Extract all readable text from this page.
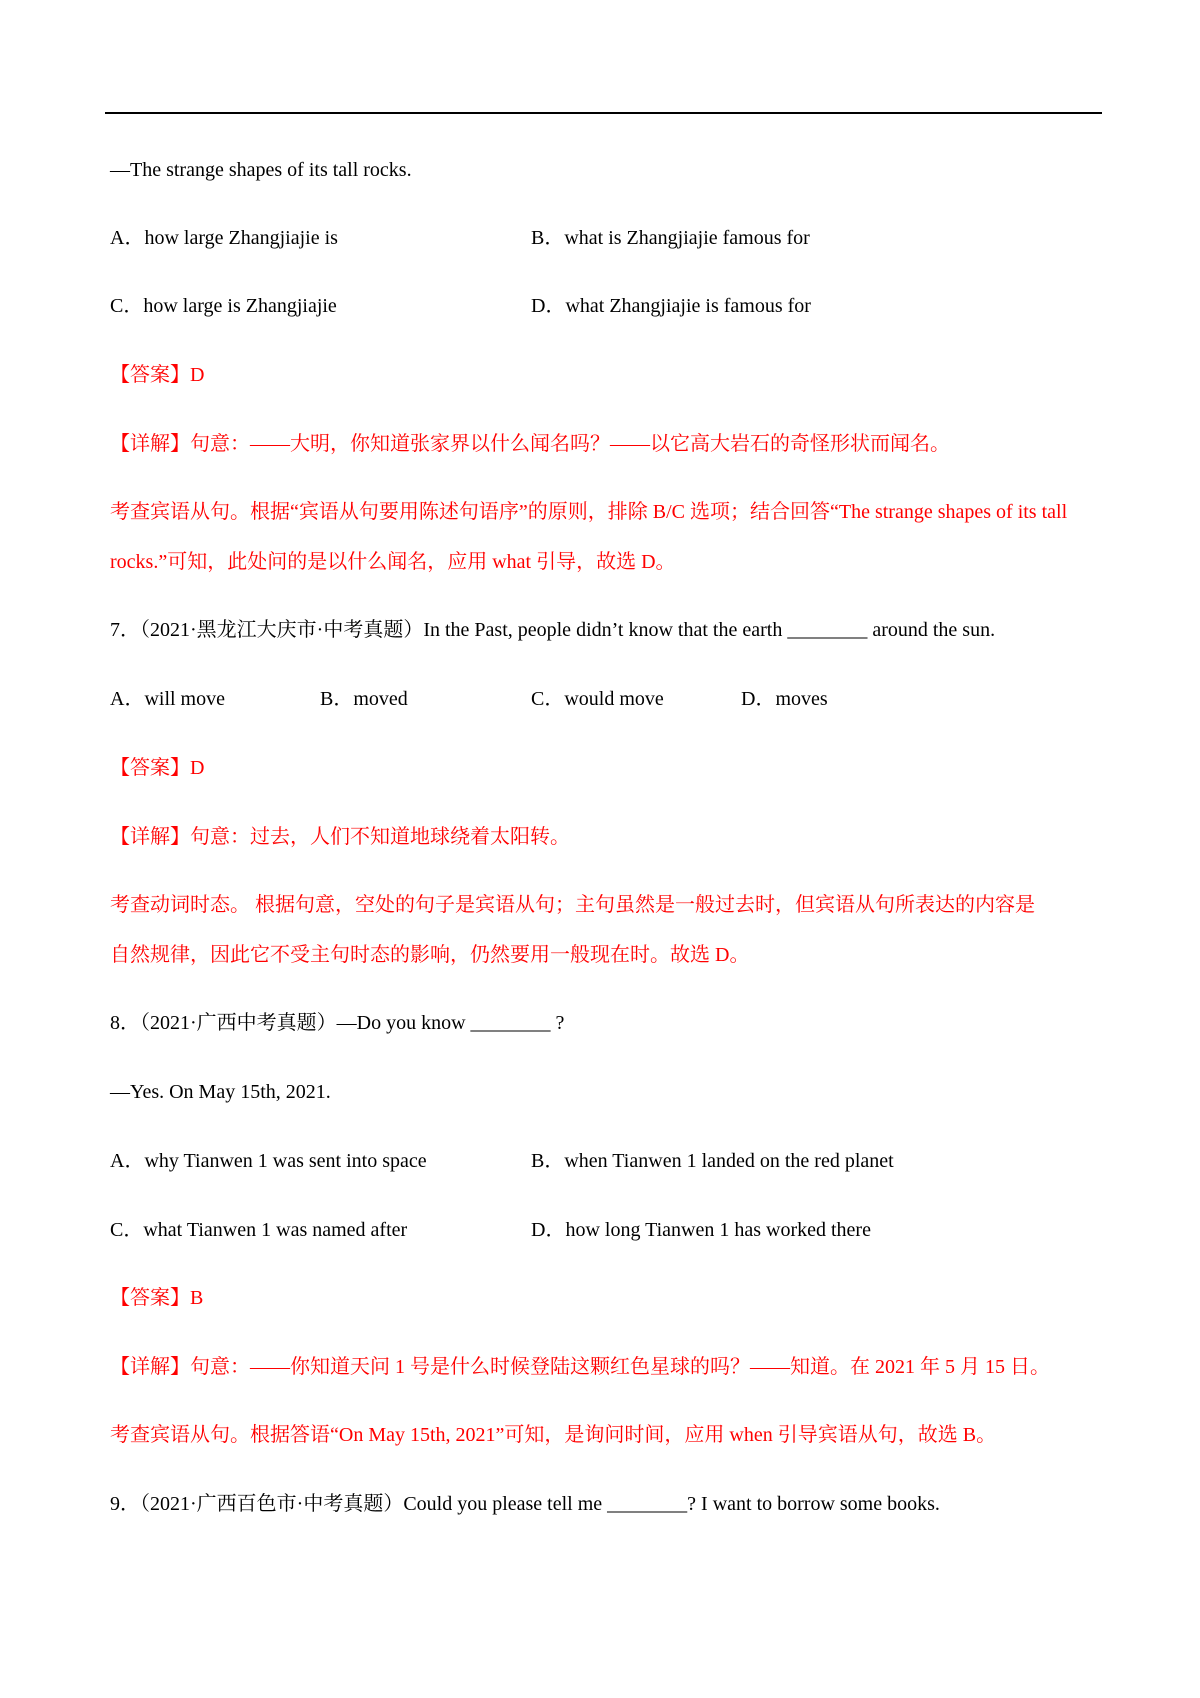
—The strange shapes of its tall rocks.
A．how large Zhangjiajie is	B．what is Zhangjiajie famous for
C．how large is Zhangjiajie	D．what Zhangjiajie is famous for
【答案】D
【详解】句意：——大明，你知道张家界以什么闻名吗？——以它高大岩石的奇怪形状而闻名。
考查宾语从句。根据“宾语从句要用陈述句语序”的原则，排除 B/C 选项；结合回答“The strange shapes of its tall
rocks.”可知，此处问的是以什么闻名，应用 what 引导，故选 D。
7．（2021·黑龙江大庆市·中考真题）In the Past, people didn’t know that the earth ________ around the sun.
A．will move	B．moved	C．would move	D．moves
【答案】D
【详解】句意：过去，人们不知道地球绕着太阳转。
考查动词时态。 根据句意，空处的句子是宾语从句；主句虽然是一般过去时，但宾语从句所表达的内容是
自然规律，因此它不受主句时态的影响，仍然要用一般现在时。故选 D。
8．（2021·广西中考真题）—Do you know ________ ?
—Yes. On May 15th, 2021.
A．why Tianwen 1 was sent into space	B．when Tianwen 1 landed on the red planet
C．what Tianwen 1 was named after	D．how long Tianwen 1 has worked there
【答案】B
【详解】句意：——你知道天问 1 号是什么时候登陆这颗红色星球的吗？——知道。在 2021 年 5 月 15 日。
考查宾语从句。根据答语“On May 15th, 2021”可知，是询问时间，应用 when 引导宾语从句，故选 B。
9．（2021·广西百色市·中考真题）Could you please tell me ________? I want to borrow some books.
